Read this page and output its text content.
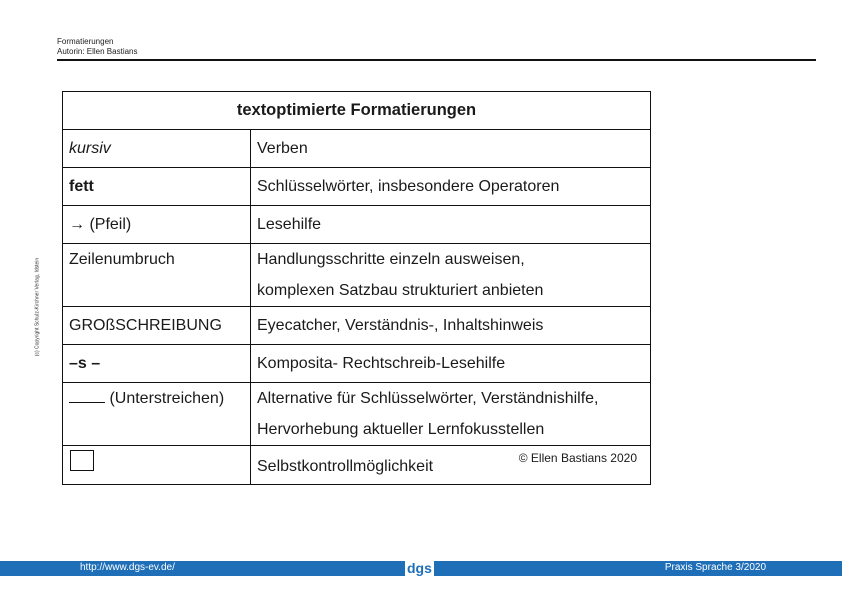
Formatierungen
Autorin: Ellen Bastians
(c) Copyright Schulz-Kirchner Verlag, Idstein
textoptimierte Formatierungen	
kursiv	Verben
fett	Schlüsselwörter, insbesondere Operatoren
→ (Pfeil)	Lesehilfe
Zeilenumbruch	Handlungsschritte einzeln ausweisen,
komplexen Satzbau strukturiert anbieten

GROßSCHREIBUNG	Eyecatcher, Verständnis-, Inhaltshinweis
–s –	Komposita- Rechtschreib-Lesehilfe
(Unterstreichen)	Alternative für Schlüsselwörter, Verständnishilfe,
Hervorhebung aktueller Lernfokusstellen

	Selbstkontrollmöglichkeit © Ellen Bastians 2020
http://www.dgs-ev.de/	dgs	Praxis Sprache 3/2020
